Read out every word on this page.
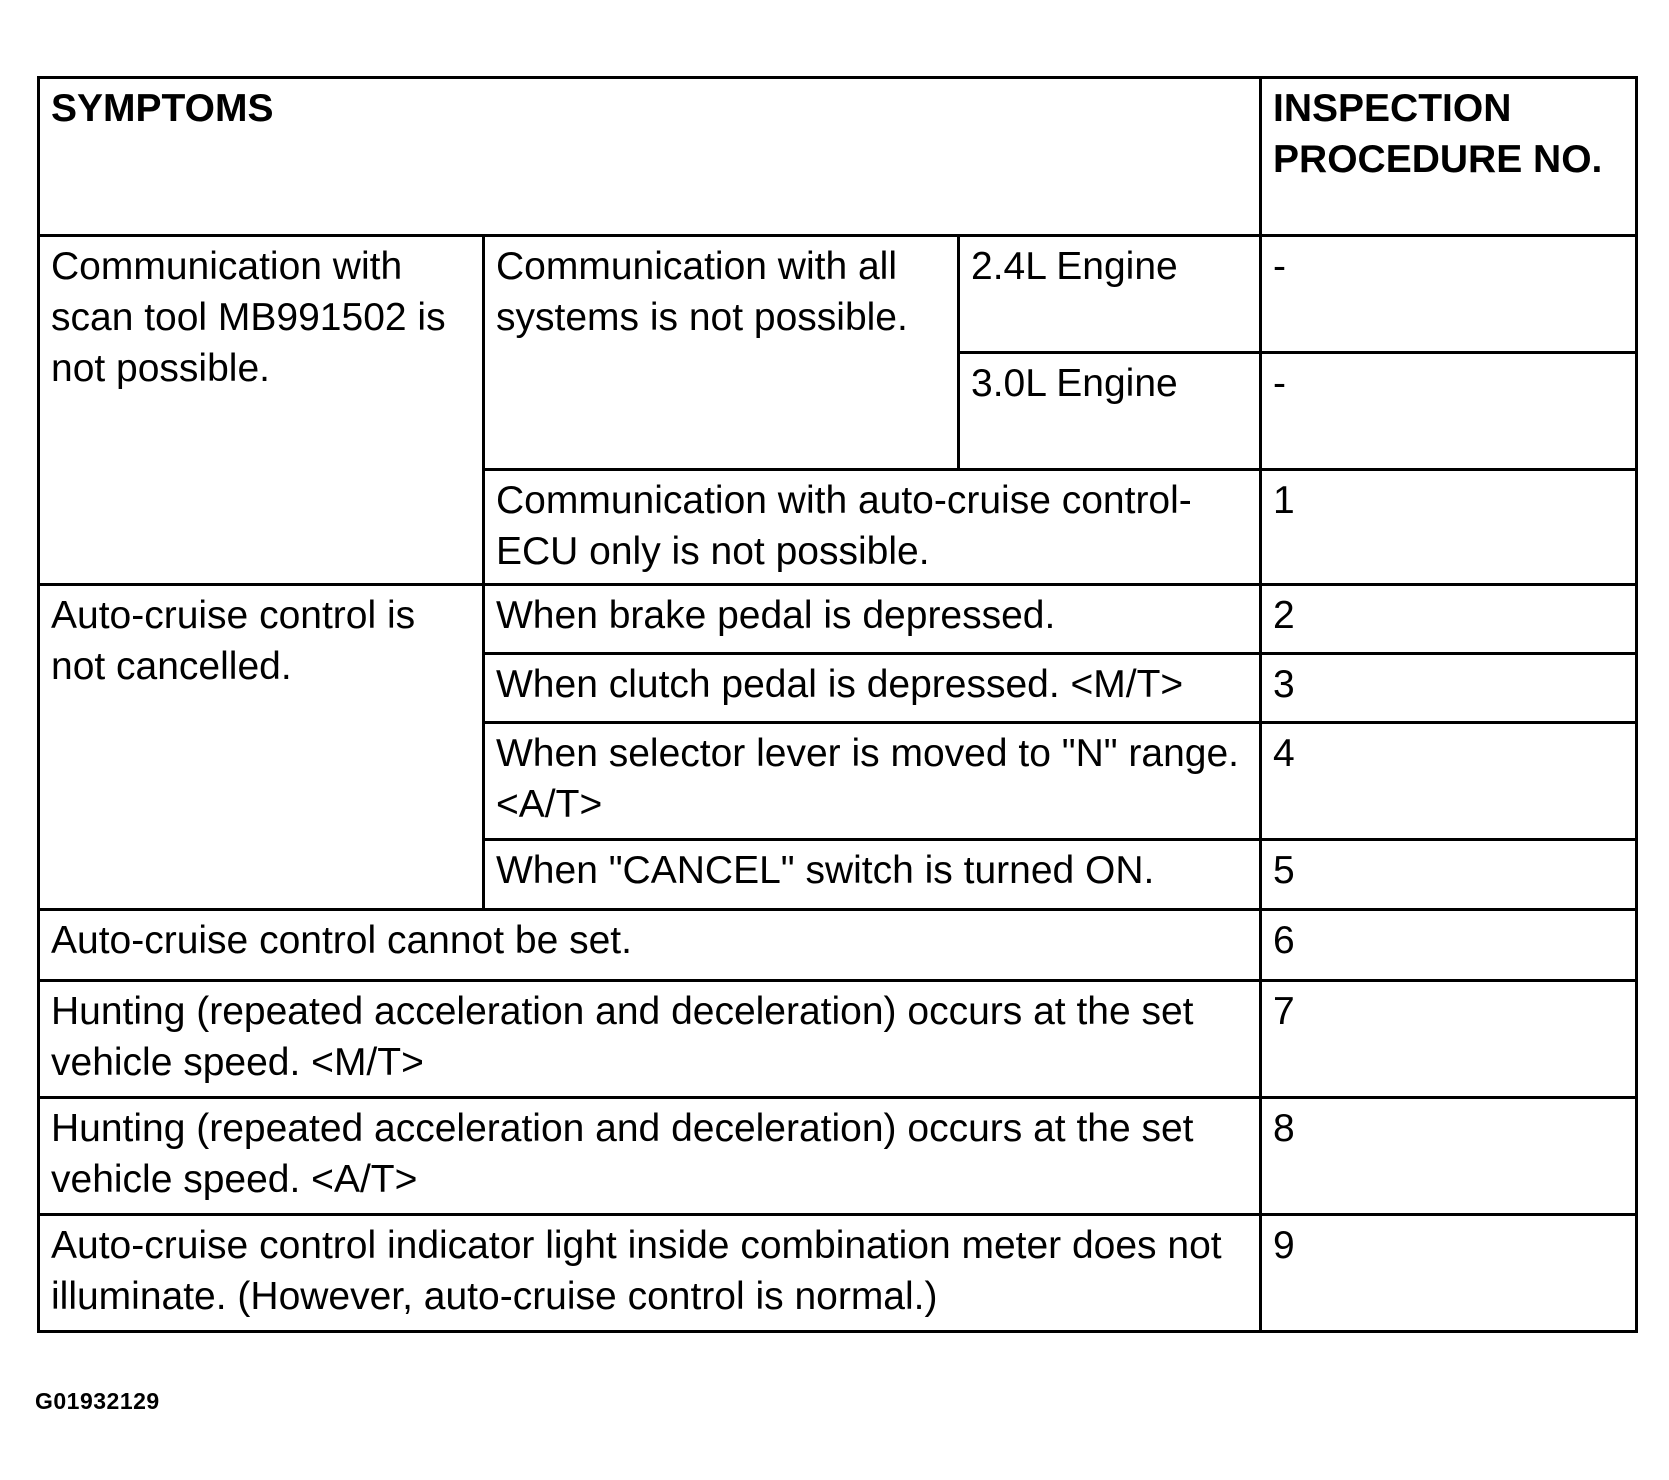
SYMPTOMS			INSPECTION PROCEDURE NO.
Communication with scan tool MB991502 is not possible.	Communication with all systems is not possible.	2.4L Engine	-
		3.0L Engine	-
	Communication with auto-cruise control-ECU only is not possible.		1
Auto-cruise control is not cancelled.	When brake pedal is depressed.		2
	When clutch pedal is depressed. <M/T>		3
	When selector lever is moved to "N" range. <A/T>		4
	When "CANCEL" switch is turned ON.		5
Auto-cruise control cannot be set.			6
Hunting (repeated acceleration and deceleration) occurs at the set vehicle speed. <M/T>			7
Hunting (repeated acceleration and deceleration) occurs at the set vehicle speed. <A/T>			8
Auto-cruise control indicator light inside combination meter does not illuminate. (However, auto-cruise control is normal.)			9
G01932129
